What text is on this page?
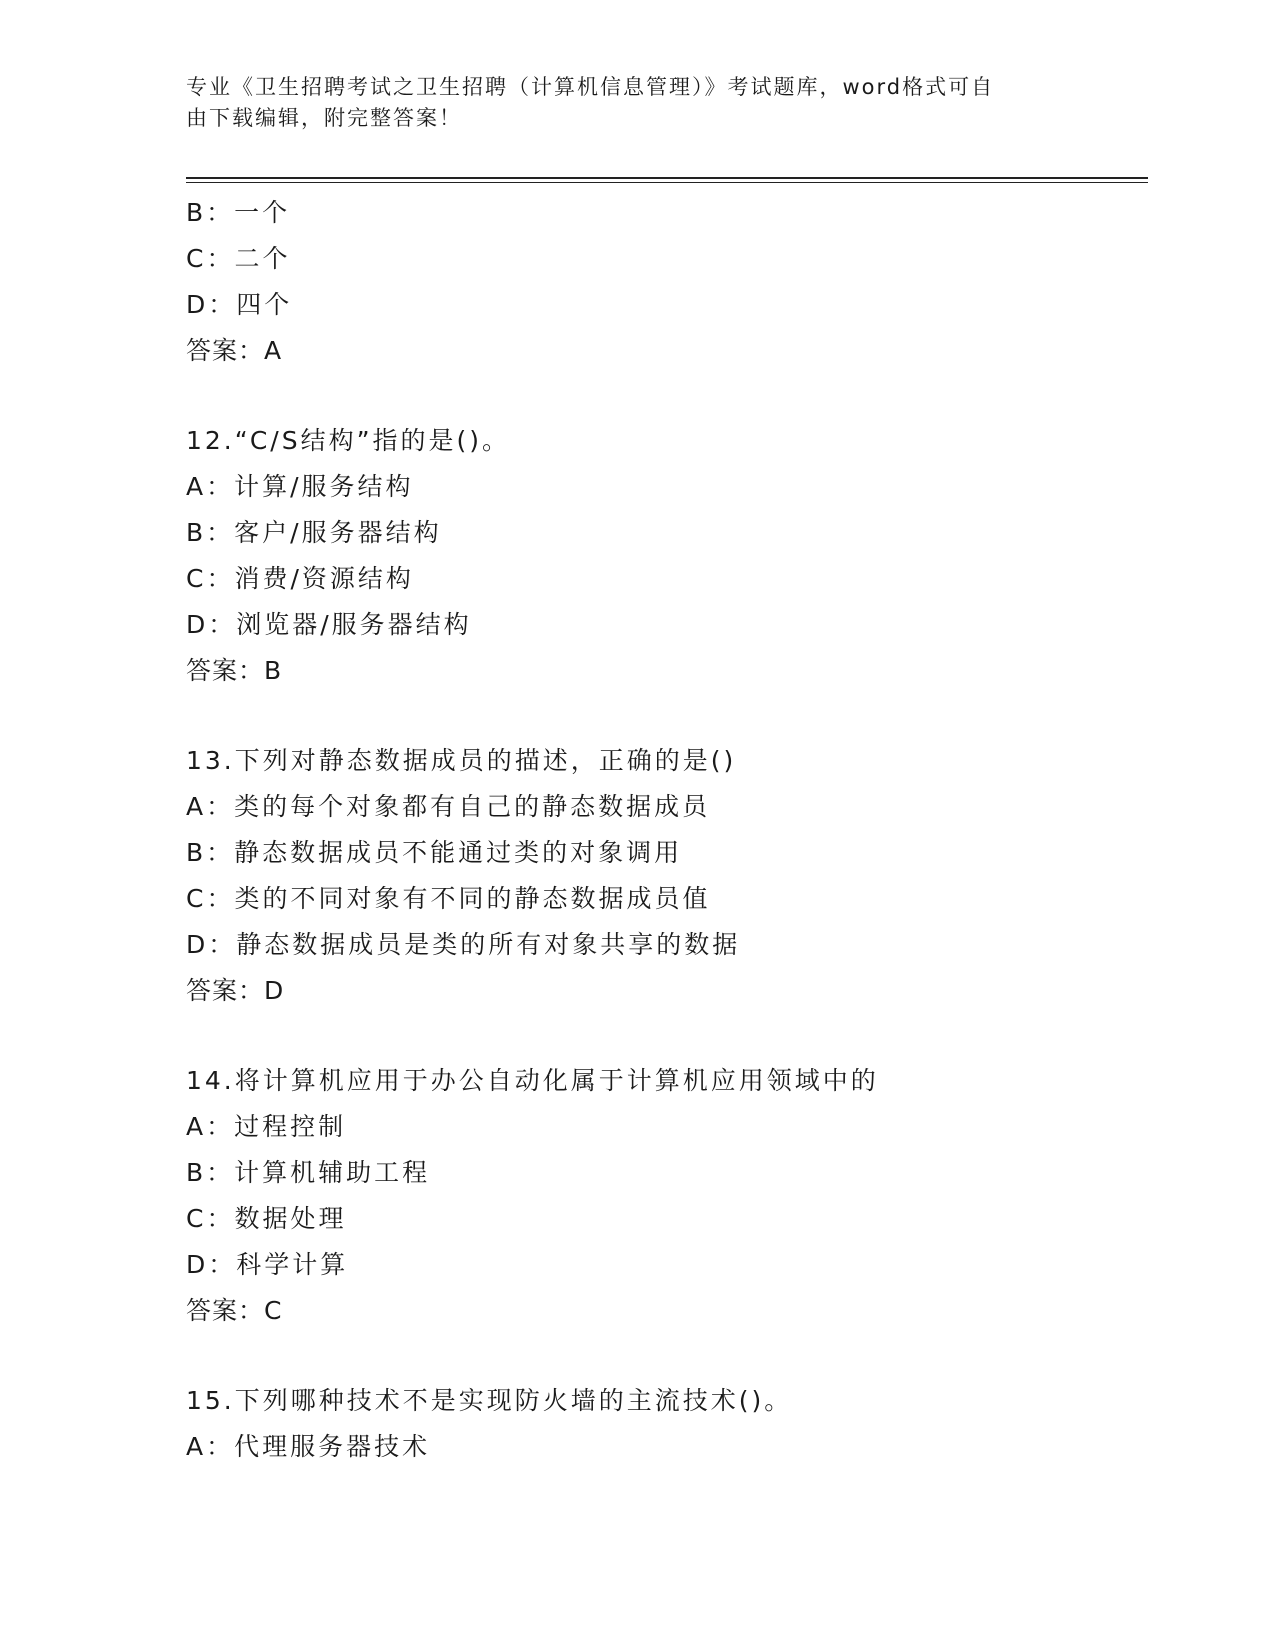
专业《卫生招聘考试之卫生招聘（计算机信息管理）》考试题库，word格式可自
由下载编辑，附完整答案！
B：一个
C：二个
D：四个
答案：A
12.“C/S结构”指的是()。
A：计算/服务结构
B：客户/服务器结构
C：消费/资源结构
D：浏览器/服务器结构
答案：B
13.下列对静态数据成员的描述，正确的是()
A：类的每个对象都有自己的静态数据成员
B：静态数据成员不能通过类的对象调用
C：类的不同对象有不同的静态数据成员值
D：静态数据成员是类的所有对象共享的数据
答案：D
14.将计算机应用于办公自动化属于计算机应用领域中的
A：过程控制
B：计算机辅助工程
C：数据处理
D：科学计算
答案：C
15.下列哪种技术不是实现防火墙的主流技术()。
A：代理服务器技术
